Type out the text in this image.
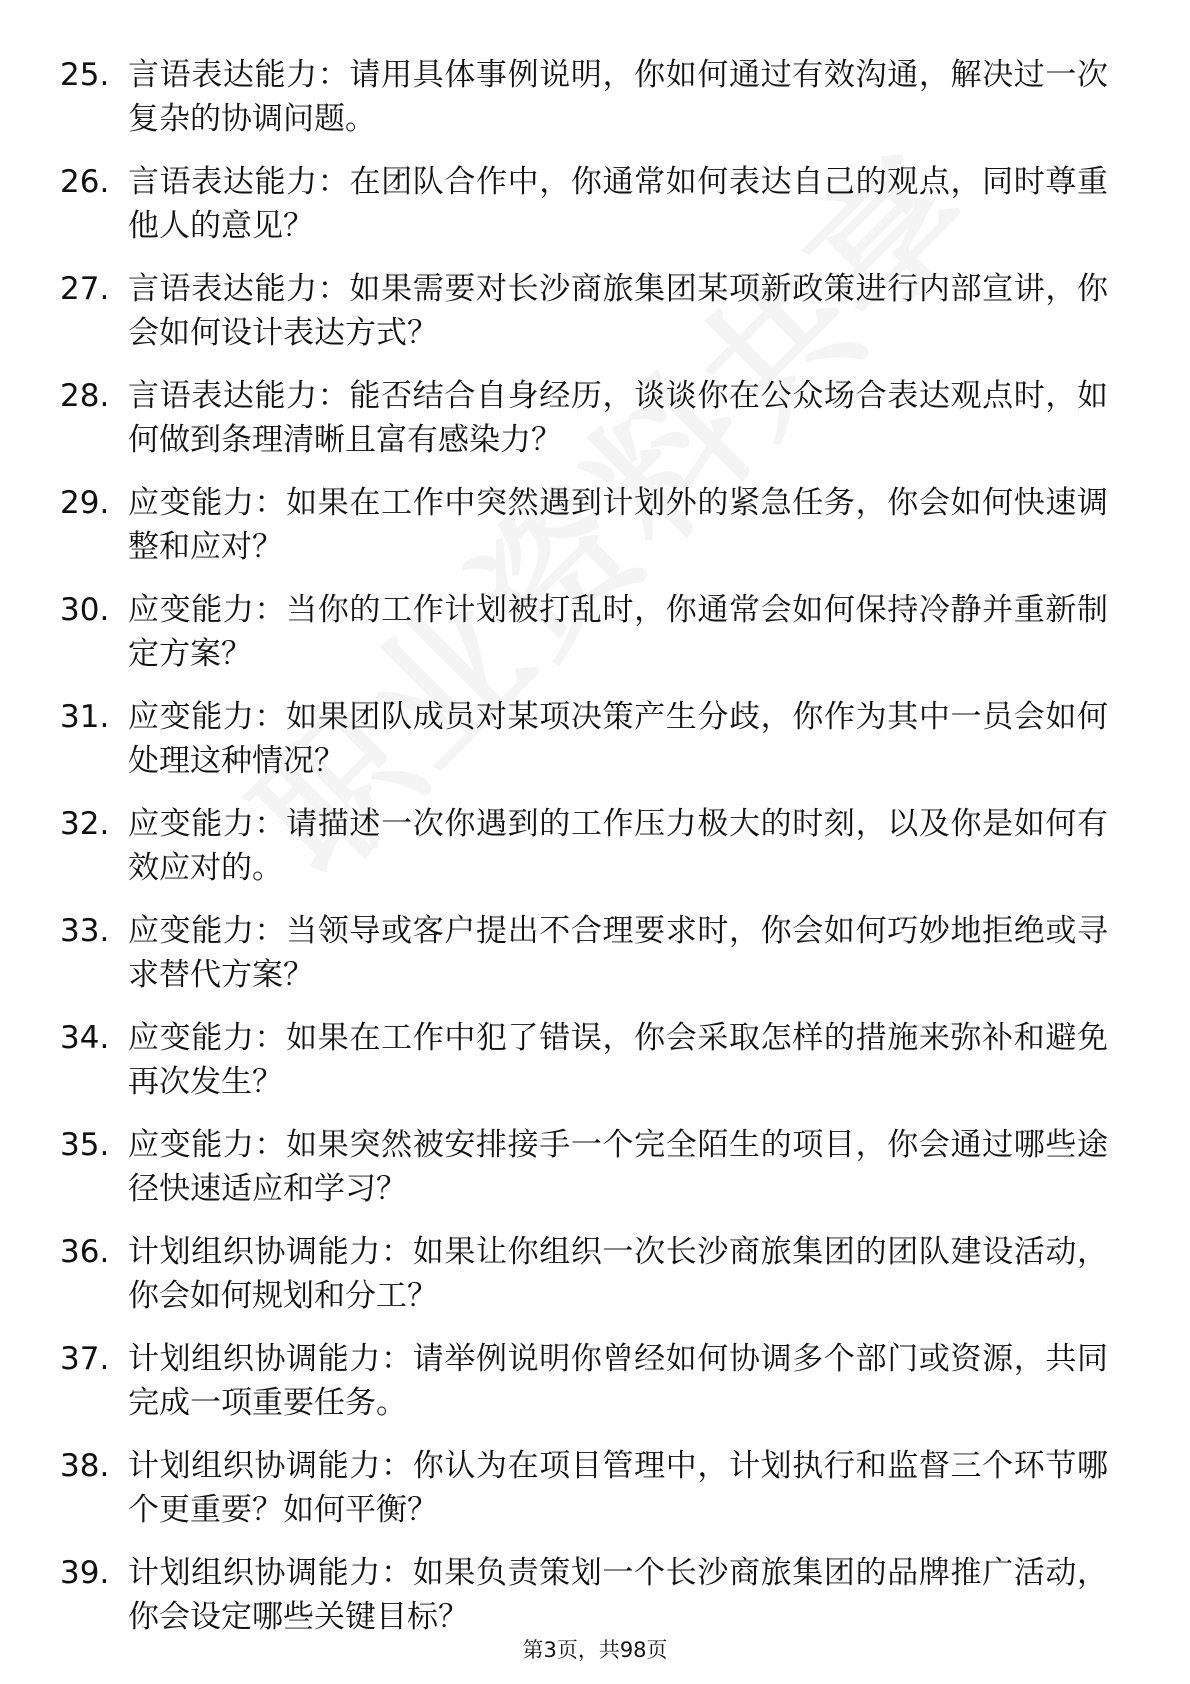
25. 言语表达能力：请用具体事例说明，你如何通过有效沟通，解决过一次复杂的协调问题。
26. 言语表达能力：在团队合作中，你通常如何表达自己的观点，同时尊重他人的意见？
27. 言语表达能力：如果需要对长沙商旅集团某项新政策进行内部宣讲，你会如何设计表达方式？
28. 言语表达能力：能否结合自身经历，谈谈你在公众场合表达观点时，如何做到条理清晰且富有感染力？
29. 应变能力：如果在工作中突然遇到计划外的紧急任务，你会如何快速调整和应对？
30. 应变能力：当你的工作计划被打乱时，你通常会如何保持冷静并重新制定方案？
31. 应变能力：如果团队成员对某项决策产生分歧，你作为其中一员会如何处理这种情况？
32. 应变能力：请描述一次你遇到的工作压力极大的时刻，以及你是如何有效应对的。
33. 应变能力：当领导或客户提出不合理要求时，你会如何巧妙地拒绝或寻求替代方案？
34. 应变能力：如果在工作中犯了错误，你会采取怎样的措施来弥补和避免再次发生？
35. 应变能力：如果突然被安排接手一个完全陌生的项目，你会通过哪些途径快速适应和学习？
36. 计划组织协调能力：如果让你组织一次长沙商旅集团的团队建设活动，你会如何规划和分工？
37. 计划组织协调能力：请举例说明你曾经如何协调多个部门或资源，共同完成一项重要任务。
38. 计划组织协调能力：你认为在项目管理中，计划执行和监督三个环节哪个更重要？如何平衡？
39. 计划组织协调能力：如果负责策划一个长沙商旅集团的品牌推广活动，你会设定哪些关键目标？
第3页，共98页
